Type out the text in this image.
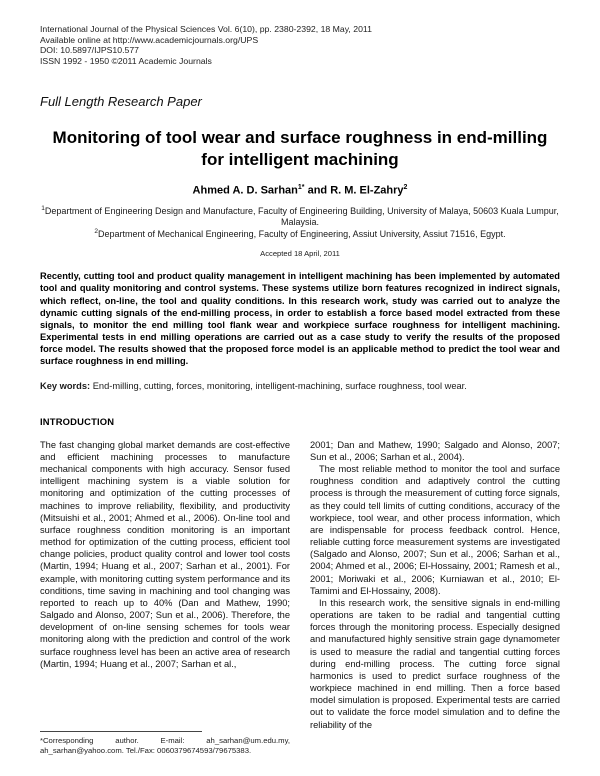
International Journal of the Physical Sciences Vol. 6(10), pp. 2380-2392, 18 May, 2011
Available online at http://www.academicjournals.org/UPS
DOI: 10.5897/IJPS10.577
ISSN 1992 - 1950 ©2011 Academic Journals
Full Length Research Paper
Monitoring of tool wear and surface roughness in end-milling for intelligent machining
Ahmed A. D. Sarhan$^{1*}$ and R. M. El-Zahry$^2$
$^1$Department of Engineering Design and Manufacture, Faculty of Engineering Building, University of Malaya, 50603 Kuala Lumpur, Malaysia.
$^2$Department of Mechanical Engineering, Faculty of Engineering, Assiut University, Assiut 71516, Egypt.
Accepted 18 April, 2011

Recently, cutting tool and product quality management in intelligent machining has been implemented by automated tool and quality monitoring and control systems. These systems utilize born features recognized in indirect signals, which reflect, on-line, the tool and quality conditions. In this research work, study was carried out to analyze the dynamic cutting signals of the end-milling process, in order to establish a force based model extracted from these signals, to monitor the end milling tool flank wear and workpiece surface roughness for intelligent machining. Experimental tests in end milling operations are carried out as a case study to verify the results of the proposed force model. The results showed that the proposed force model is an applicable method to predict the tool wear and surface roughness in end milling.

Key words: End-milling, cutting, forces, monitoring, intelligent-machining, surface roughness, tool wear.

INTRODUCTION

The fast changing global market demands are cost-effective and efficient machining processes to manufacture mechanical components with high accuracy. Sensor fused intelligent machining system is a viable solution for monitoring and optimization of the cutting processes of machines to improve reliability, flexibility, and productivity (Mitsuishi et al., 2001; Ahmed et al., 2006). On-line tool and surface roughness condition monitoring is an important method for optimization of the cutting process, efficient tool change policies, product quality control and lower tool costs (Martin, 1994; Huang et al., 2007; Sarhan et al., 2001). For example, with monitoring cutting system performance and its conditions, time saving in machining and tool changing was reported to reach up to 40% (Dan and Mathew, 1990; Salgado and Alonso, 2007; Sun et al., 2006). Therefore, the development of on-line sensing schemes for tools wear monitoring along with the prediction and control of the work surface roughness level has been an active area of research (Martin, 1994; Huang et al., 2007; Sarhan et al.,

*Corresponding author. E-mail: ah_sarhan@um.edu.my, ah_sarhan@yahoo.com. Tel./Fax: 0060379674593/79675383.

2001; Dan and Mathew, 1990; Salgado and Alonso, 2007; Sun et al., 2006; Sarhan et al., 2004).

The most reliable method to monitor the tool and surface roughness condition and adaptively control the cutting process is through the measurement of cutting force signals, as they could tell limits of cutting conditions, accuracy of the workpiece, tool wear, and other process information, which are indispensable for process feedback control. Hence, reliable cutting force measurement systems are investigated (Salgado and Alonso, 2007; Sun et al., 2006; Sarhan et al., 2004; Ahmed et al., 2006; El-Hossainy, 2001; Ramesh et al., 2001; Moriwaki et al., 2006; Kurniawan et al., 2010; El-Tamimi and El-Hossainy, 2008).

In this research work, the sensitive signals in end-milling operations are taken to be radial and tangential cutting forces through the monitoring process. Especially designed and manufactured highly sensitive strain gage dynamometer is used to measure the radial and tangential cutting forces during end-milling process. The cutting force signal harmonics is used to predict surface roughness of the workpiece machined in end milling. Then a force based model simulation is proposed. Experimental tests are carried out to validate the force model simulation and to define the reliability of the
